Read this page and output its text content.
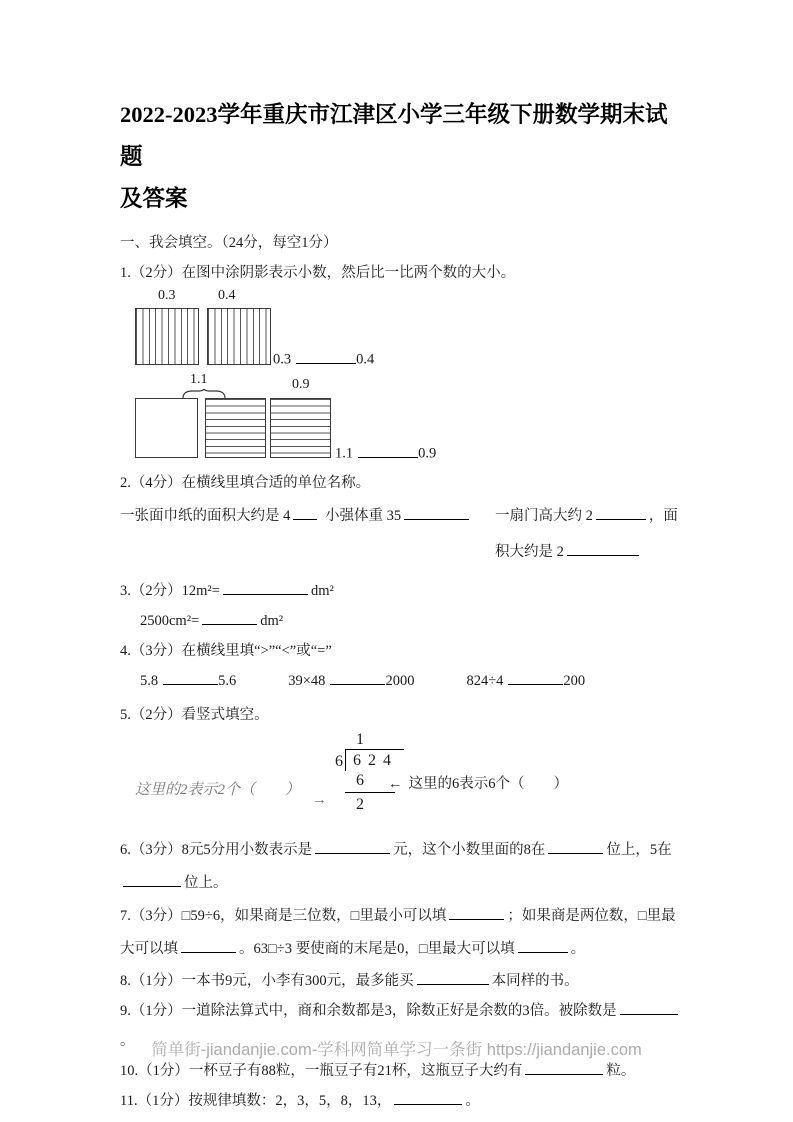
2022-2023学年重庆市江津区小学三年级下册数学期末试题
及答案

一、我会填空。（24分，每空1分）

1.（2分）在图中涂阴影表示小数，然后比一比两个数的大小。

0.3	0.4
0.3	0.4
1.1	0.9
1.1	0.9

2.（4分）在横线里填合适的单位名称。

一张面巾纸的面积大约是 4	小强体重 35	一扇门高大约 2	，面积大约是 2

3.（2分）12m²=	dm²

2500cm²=	dm²

4.（3分）在横线里填“>”“<”或“=”

5.8	5.6	39×48	2000	824÷4	200

5.（2分）看竖式填空。

1
6 624
6
2
这里的2表示2个（　　）
→
← 这里的6表示6个（　　）

6.（3分）8元5分用小数表示是	元，这个小数里面的8在	位上，5在位上。

7.（3分）□59÷6，如果商是三位数，□里最小可以填	；如果商是两位数，□里最大可以填	。63□÷3 要使商的末尾是0，□里最大可以填	。

8.（1分）一本书9元，小李有300元，最多能买	本同样的书。

9.（1分）一道除法算式中，商和余数都是3，除数正好是余数的3倍。被除数是。

10.（1分）一杯豆子有88粒，一瓶豆子有21杯，这瓶豆子大约有	粒。

11.（1分）按规律填数：2，3，5，8，13，	。

简单街-jiandanjie.com-学科网简单学习一条街 https://jiandanjie.com
